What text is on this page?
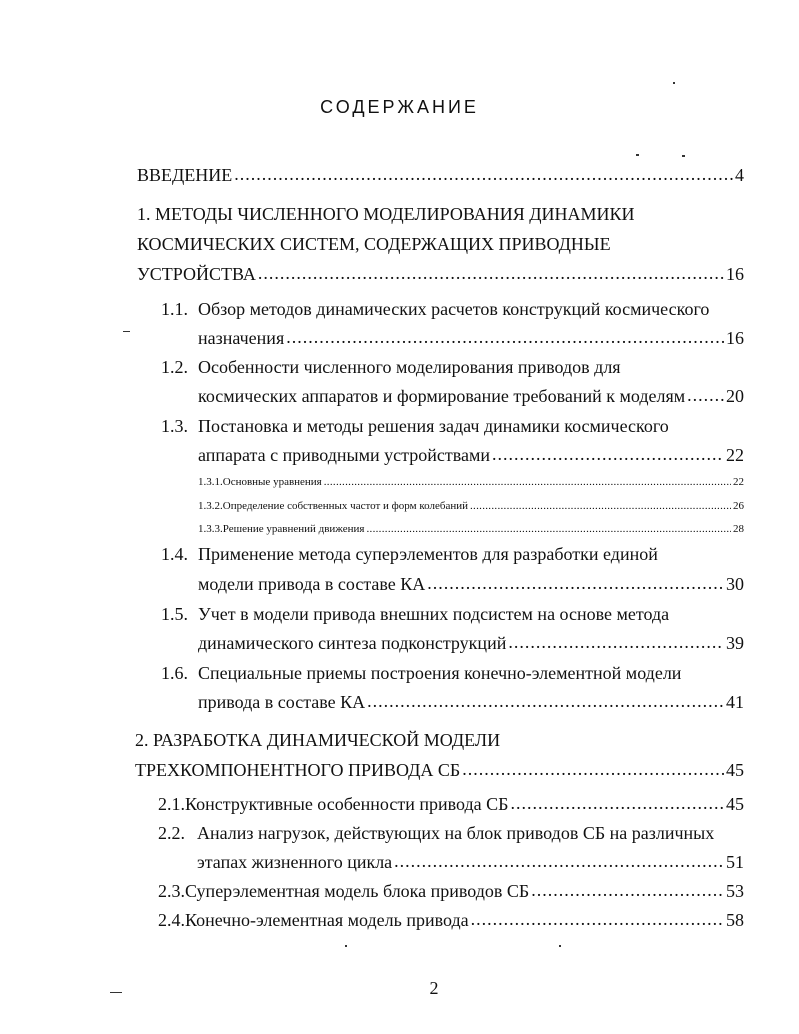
СОДЕРЖАНИЕ
ВВЕДЕНИЕ .....	4
1. МЕТОДЫ ЧИСЛЕННОГО МОДЕЛИРОВАНИЯ ДИНАМИКИ
КОСМИЧЕСКИХ СИСТЕМ, СОДЕРЖАЩИХ ПРИВОДНЫЕ
УСТРОЙСТВА .....	16
1.1. Обзор методов динамических расчетов конструкций космического
назначения .....	16
1.2. Особенности численного моделирования приводов для
космических аппаратов и формирование требований к моделям ..... 20
1.3. Постановка и методы решения задач динамики космического
аппарата с приводными устройствами .....	22
1.3.1. Основные уравнения .....	22
1.3.2. Определение собственных частот и форм колебаний .....	26
1.3.3. Решение уравнений движения .....	28
1.4. Применение метода суперэлементов для разработки единой
модели привода в составе КА .....	30
1.5. Учет в модели привода внешних подсистем на основе метода
динамического синтеза подконструкций .....	39
1.6. Специальные приемы построения конечно-элементной модели
привода в составе КА .....	41
2. РАЗРАБОТКА ДИНАМИЧЕСКОЙ МОДЕЛИ
ТРЕХКОМПОНЕНТНОГО ПРИВОДА СБ .....	45
2.1. Конструктивные особенности привода СБ .....	45
2.2. Анализ нагрузок, действующих на блок приводов СБ на различных
этапах жизненного цикла .....	51
2.3. Суперэлементная модель блока приводов СБ .....	53
2.4. Конечно-элементная модель привода .....	58
2
